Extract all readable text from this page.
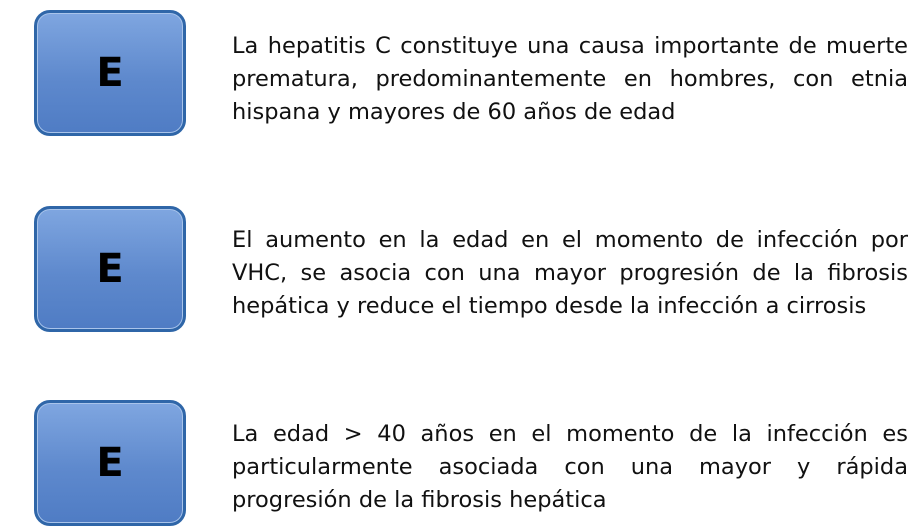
E

La hepatitis C constituye una causa importante de muerte prematura, predominantemente en hombres, con etnia hispana y mayores de 60 años de edad

E

El aumento en la edad en el momento de infección por VHC, se asocia con una mayor progresión de la fibrosis hepática y reduce el tiempo desde la infección a cirrosis

E

La edad > 40 años en el momento de la infección es particularmente asociada con una mayor y rápida progresión de la fibrosis hepática
